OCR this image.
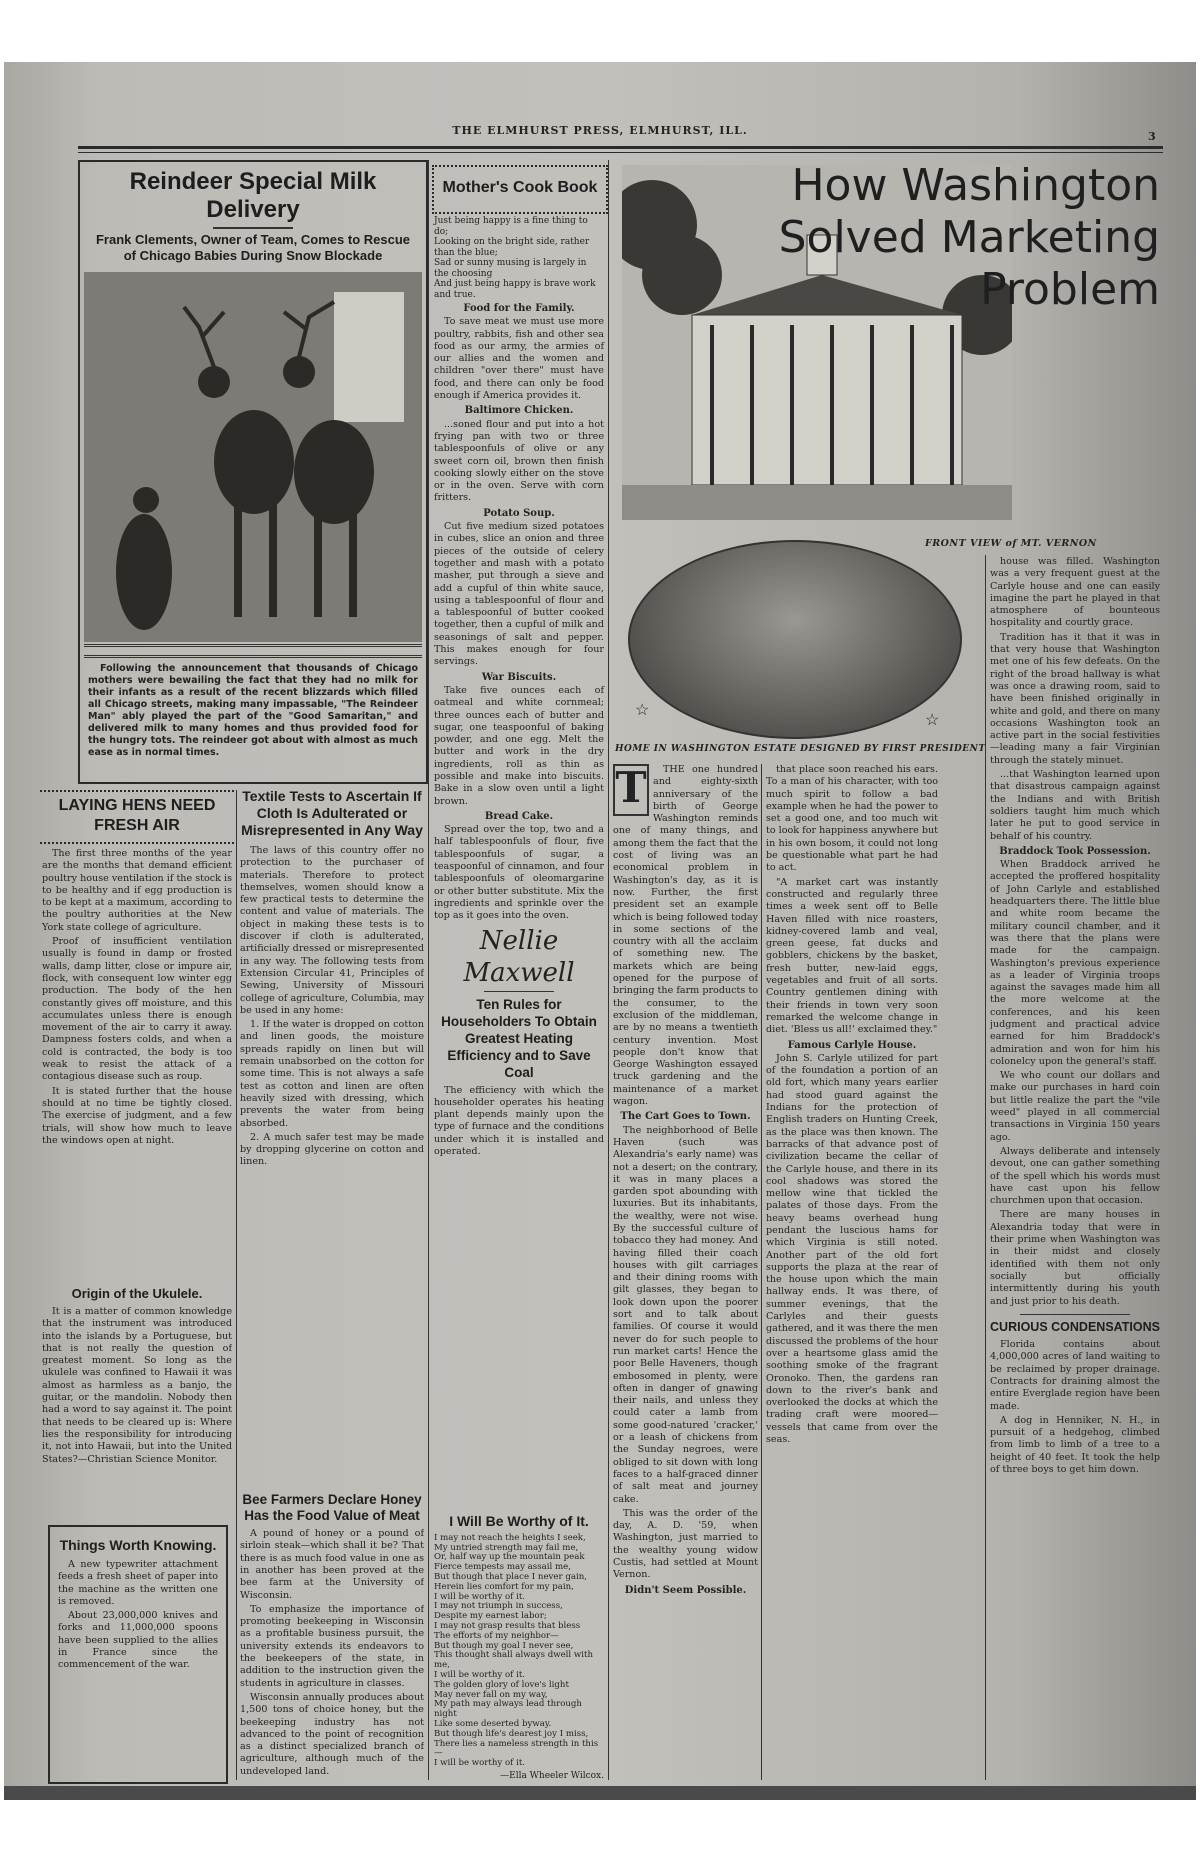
THE ELMHURST PRESS, ELMHURST, ILL.	3
Reindeer Special Milk Delivery
Frank Clements, Owner of Team, Comes to Rescue of Chicago Babies During Snow Blockade
Following the announcement that thousands of Chicago mothers were bewailing the fact that they had no milk for their infants as a result of the recent blizzards which filled all Chicago streets, making many impassable, "The Reindeer Man" ably played the part of the "Good Samaritan," and delivered milk to many homes and thus provided food for the hungry tots. The reindeer got about with almost as much ease as in normal times.
LAYING HENS NEED FRESH AIR

The first three months of the year are the months that demand efficient poultry house ventilation if the stock is to be healthy and if egg production is to be kept at a maximum, according to the poultry authorities at the New York state college of agriculture.

Proof of insufficient ventilation usually is found in damp or frosted walls, damp litter, close or impure air, flock, with consequent low winter egg production. The body of the hen constantly gives off moisture, and this accumulates unless there is enough movement of the air to carry it away. Dampness fosters colds, and when a cold is contracted, the body is too weak to resist the attack of a contagious disease such as roup.

It is stated further that the house should at no time be tightly closed. The exercise of judgment, and a few trials, will show how much to leave the windows open at night.

Origin of the Ukulele.

It is a matter of common knowledge that the instrument was introduced into the islands by a Portuguese, but that is not really the question of greatest moment. So long as the ukulele was confined to Hawaii it was almost as harmless as a banjo, the guitar, or the mandolin. Nobody then had a word to say against it. The point that needs to be cleared up is: Where lies the responsibility for introducing it, not into Hawaii, but into the United States?—Christian Science Monitor.

Things Worth Knowing.

A new typewriter attachment feeds a fresh sheet of paper into the machine as the written one is removed.

About 23,000,000 knives and forks and 11,000,000 spoons have been supplied to the allies in France since the commencement of the war.

Textile Tests to Ascertain If Cloth Is Adulterated or Misrepresented in Any Way

The laws of this country offer no protection to the purchaser of materials. Therefore to protect themselves, women should know a few practical tests to determine the content and value of materials. The object in making these tests is to discover if cloth is adulterated, artificially dressed or misrepresented in any way. The following tests from Extension Circular 41, Principles of Sewing, University of Missouri college of agriculture, Columbia, may be used in any home:

1. If the water is dropped on cotton and linen goods, the moisture spreads rapidly on linen but will remain unabsorbed on the cotton for some time. This is not always a safe test as cotton and linen are often heavily sized with dressing, which prevents the water from being absorbed.

2. A much safer test may be made by dropping glycerine on cotton and linen.

Bee Farmers Declare Honey Has the Food Value of Meat

A pound of honey or a pound of sirloin steak—which shall it be? That there is as much food value in one as in another has been proved at the bee farm at the University of Wisconsin.

To emphasize the importance of promoting beekeeping in Wisconsin as a profitable business pursuit, the university extends its endeavors to the beekeepers of the state, in addition to the instruction given the students in agriculture in classes.

Wisconsin annually produces about 1,500 tons of choice honey, but the beekeeping industry has not advanced to the point of recognition as a distinct specialized branch of agriculture, although much of the undeveloped land.

Mother's Cook Book
Just being happy is a fine thing to do;
Looking on the bright side, rather than the blue;
Sad or sunny musing is largely in the choosing
And just being happy is brave work and true.
Food for the Family.

To save meat we must use more poultry, rabbits, fish and other sea food as our army, the armies of our allies and the women and children "over there" must have food, and there can only be food enough if America provides it.

Baltimore Chicken.

...soned flour and put into a hot frying pan with two or three tablespoonfuls of olive or any sweet corn oil, brown then finish cooking slowly either on the stove or in the oven. Serve with corn fritters.

Potato Soup.

Cut five medium sized potatoes in cubes, slice an onion and three pieces of the outside of celery together and mash with a potato masher, put through a sieve and add a cupful of thin white sauce, using a tablespoonful of flour and a tablespoonful of butter cooked together, then a cupful of milk and seasonings of salt and pepper. This makes enough for four servings.

War Biscuits.

Take five ounces each of oatmeal and white cornmeal; three ounces each of butter and sugar, one teaspoonful of baking powder, and one egg. Melt the butter and work in the dry ingredients, roll as thin as possible and make into biscuits. Bake in a slow oven until a light brown.

Bread Cake.

Spread over the top, two and a half tablespoonfuls of flour, five tablespoonfuls of sugar, a teaspoonful of cinnamon, and four tablespoonfuls of oleomargarine or other butter substitute. Mix the ingredients and sprinkle over the top as it goes into the oven.

Nellie Maxwell
Ten Rules for Householders To Obtain Greatest Heating Efficiency and to Save Coal

The efficiency with which the householder operates his heating plant depends mainly upon the type of furnace and the conditions under which it is installed and operated.

I Will Be Worthy of It.
I may not reach the heights I seek,
My untried strength may fail me,
Or, half way up the mountain peak
Fierce tempests may assail me,
But though that place I never gain,
Herein lies comfort for my pain,
I will be worthy of it.
I may not triumph in success,
Despite my earnest labor;
I may not grasp results that bless
The efforts of my neighbor—
But though my goal I never see,
This thought shall always dwell with me,
I will be worthy of it.
The golden glory of love's light
May never fall on my way,
My path may always lead through night
Like some deserted byway.
But though life's dearest joy I miss,
There lies a nameless strength in this—
I will be worthy of it.
—Ella Wheeler Wilcox.
How Washington
Solved Marketing
Problem
FRONT VIEW of MT. VERNON
☆
☆
HOME IN WASHINGTON ESTATE DESIGNED BY FIRST PRESIDENT
T	THE one hundred and eighty-sixth anniversary of the birth of George Washington reminds one of many things, and among them the fact that the cost of living was an economical problem in Washington's day, as it is now. Further, the first president set an example which is being followed today in some sections of the country with all the acclaim of something new. The markets which are being opened for the purpose of bringing the farm products to the consumer, to the exclusion of the middleman, are by no means a twentieth century invention. Most people don't know that George Washington essayed truck gardening and the maintenance of a market wagon.

The Cart Goes to Town.

The neighborhood of Belle Haven (such was Alexandria's early name) was not a desert; on the contrary, it was in many places a garden spot abounding with luxuries. But its inhabitants, the wealthy, were not wise. By the successful culture of tobacco they had money. And having filled their coach houses with gilt carriages and their dining rooms with gilt glasses, they began to look down upon the poorer sort and to talk about families. Of course it would never do for such people to run market carts! Hence the poor Belle Haveners, though embosomed in plenty, were often in danger of gnawing their nails, and unless they could cater a lamb from some good-natured 'cracker,' or a leash of chickens from the Sunday negroes, were obliged to sit down with long faces to a half-graced dinner of salt meat and journey cake.

This was the order of the day, A. D. '59, when Washington, just married to the wealthy young widow Custis, had settled at Mount Vernon.

Didn't Seem Possible.

that place soon reached his ears. To a man of his character, with too much spirit to follow a bad example when he had the power to set a good one, and too much wit to look for happiness anywhere but in his own bosom, it could not long be questionable what part he had to act.

"A market cart was instantly constructed and regularly three times a week sent off to Belle Haven filled with nice roasters, kidney-covered lamb and veal, green geese, fat ducks and gobblers, chickens by the basket, fresh butter, new-laid eggs, vegetables and fruit of all sorts. Country gentlemen dining with their friends in town very soon remarked the welcome change in diet. 'Bless us all!' exclaimed they."

Famous Carlyle House.

John S. Carlyle utilized for part of the foundation a portion of an old fort, which many years earlier had stood guard against the Indians for the protection of English traders on Hunting Creek, as the place was then known. The barracks of that advance post of civilization became the cellar of the Carlyle house, and there in its cool shadows was stored the mellow wine that tickled the palates of those days. From the heavy beams overhead hung pendant the luscious hams for which Virginia is still noted. Another part of the old fort supports the plaza at the rear of the house upon which the main hallway ends. It was there, of summer evenings, that the Carlyles and their guests gathered, and it was there the men discussed the problems of the hour over a heartsome glass amid the soothing smoke of the fragrant Oronoko. Then, the gardens ran down to the river's bank and overlooked the docks at which the trading craft were moored—vessels that came from over the seas.

house was filled. Washington was a very frequent guest at the Carlyle house and one can easily imagine the part he played in that atmosphere of bounteous hospitality and courtly grace.

Tradition has it that it was in that very house that Washington met one of his few defeats. On the right of the broad hallway is what was once a drawing room, said to have been finished originally in white and gold, and there on many occasions Washington took an active part in the social festivities—leading many a fair Virginian through the stately minuet.

...that Washington learned upon that disastrous campaign against the Indians and with British soldiers taught him much which later he put to good service in behalf of his country.

Braddock Took Possession.

When Braddock arrived he accepted the proffered hospitality of John Carlyle and established headquarters there. The little blue and white room became the military council chamber, and it was there that the plans were made for the campaign. Washington's previous experience as a leader of Virginia troops against the savages made him all the more welcome at the conferences, and his keen judgment and practical advice earned for him Braddock's admiration and won for him his colonelcy upon the general's staff.

We who count our dollars and make our purchases in hard coin but little realize the part the "vile weed" played in all commercial transactions in Virginia 150 years ago.

Always deliberate and intensely devout, one can gather something of the spell which his words must have cast upon his fellow churchmen upon that occasion.

There are many houses in Alexandria today that were in their prime when Washington was in their midst and closely identified with them not only socially but officially intermittently during his youth and just prior to his death.

CURIOUS CONDENSATIONS

Florida contains about 4,000,000 acres of land waiting to be reclaimed by proper drainage. Contracts for draining almost the entire Everglade region have been made.

A dog in Henniker, N. H., in pursuit of a hedgehog, climbed from limb to limb of a tree to a height of 40 feet. It took the help of three boys to get him down.
